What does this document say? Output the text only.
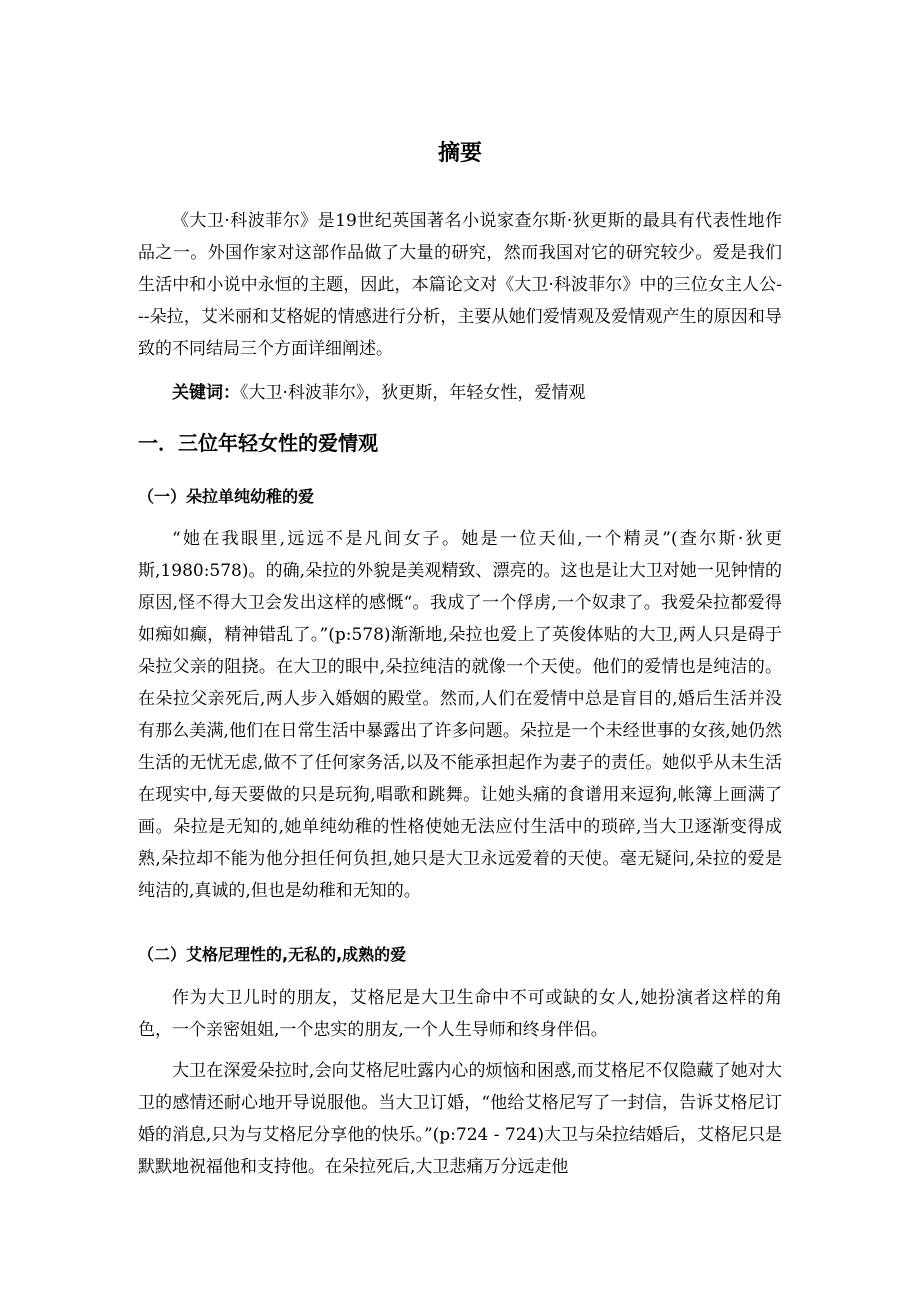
摘要
《大卫·科波菲尔》是19世纪英国著名小说家查尔斯·狄更斯的最具有代表性地作品之一。外国作家对这部作品做了大量的研究，然而我国对它的研究较少。爱是我们生活中和小说中永恒的主题，因此，本篇论文对《大卫·科波菲尔》中的三位女主人公---朵拉，艾米丽和艾格妮的情感进行分析，主要从她们爱情观及爱情观产生的原因和导致的不同结局三个方面详细阐述。
关键词：《大卫·科波菲尔》，狄更斯，年轻女性，爱情观
一．三位年轻女性的爱情观
（一）朵拉单纯幼稚的爱
“她在我眼里,远远不是凡间女子。她是一位天仙,一个精灵”(查尔斯·狄更斯,1980:578)。的确,朵拉的外貌是美观精致、漂亮的。这也是让大卫对她一见钟情的原因,怪不得大卫会发出这样的感慨“。我成了一个俘虏,一个奴隶了。我爱朵拉都爱得如痴如癫，精神错乱了。”(p:578)渐渐地,朵拉也爱上了英俊体贴的大卫,两人只是碍于朵拉父亲的阻挠。在大卫的眼中,朵拉纯洁的就像一个天使。他们的爱情也是纯洁的。在朵拉父亲死后,两人步入婚姻的殿堂。然而,人们在爱情中总是盲目的,婚后生活并没有那么美满,他们在日常生活中暴露出了许多问题。朵拉是一个未经世事的女孩,她仍然生活的无忧无虑,做不了任何家务活,以及不能承担起作为妻子的责任。她似乎从未生活在现实中,每天要做的只是玩狗,唱歌和跳舞。让她头痛的食谱用来逗狗,帐簿上画满了画。朵拉是无知的,她单纯幼稚的性格使她无法应付生活中的琐碎,当大卫逐渐变得成熟,朵拉却不能为他分担任何负担,她只是大卫永远爱着的天使。毫无疑问,朵拉的爱是纯洁的,真诚的,但也是幼稚和无知的。
（二）艾格尼理性的,无私的,成熟的爱
作为大卫儿时的朋友，艾格尼是大卫生命中不可或缺的女人,她扮演者这样的角色，一个亲密姐姐,一个忠实的朋友,一个人生导师和终身伴侣。
大卫在深爱朵拉时,会向艾格尼吐露内心的烦恼和困惑,而艾格尼不仅隐藏了她对大卫的感情还耐心地开导说服他。当大卫订婚，“他给艾格尼写了一封信，告诉艾格尼订婚的消息,只为与艾格尼分享他的快乐。”(p:724 - 724)大卫与朵拉结婚后，艾格尼只是默默地祝福他和支持他。在朵拉死后,大卫悲痛万分远走他
